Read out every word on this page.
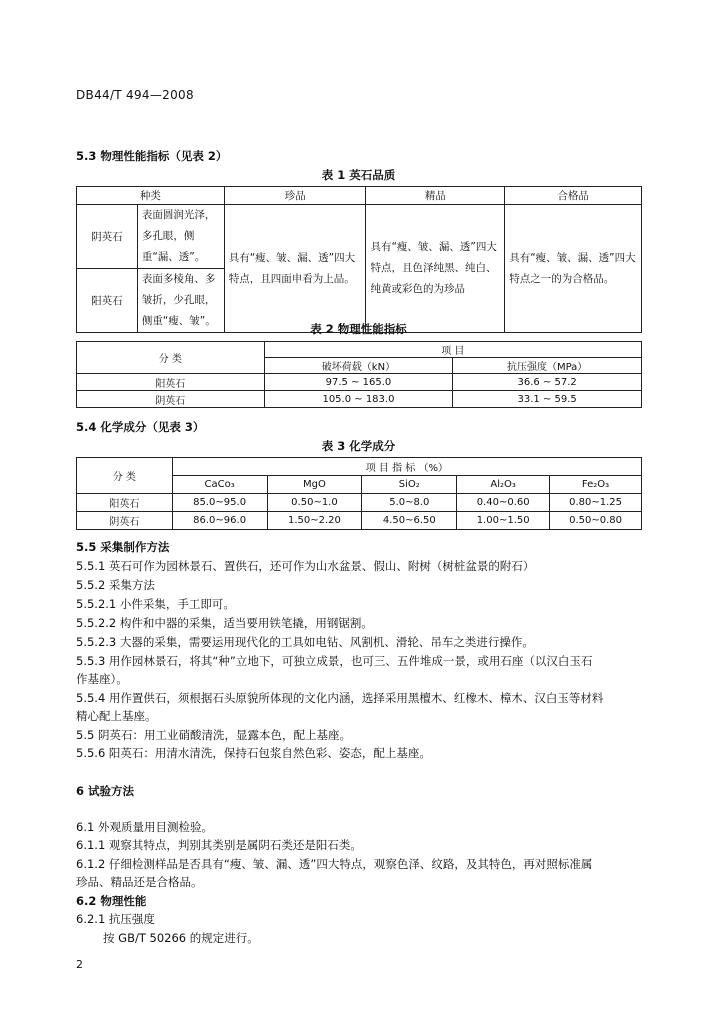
DB44/T 494—2008
5.3 物理性能指标（见表 2）
表 1 英石品质
种类		珍品	精品	合格品
阴英石	表面圆润光泽，多孔眼，侧重“漏、透”。	具有“瘦、皱、漏、透”四大特点，且四面申看为上品。	具有“瘦、皱、漏、透”四大特点，且色泽纯黑、纯白、纯黄或彩色的为珍品	具有“瘦、皱、漏、透”四大特点之一的为合格品。
阳英石	表面多棱角、多皱折，少孔眼，侧重“瘦、皱”。			
表 2 物理性能指标
分 类	项 目	
	破坏荷载（kN）	抗压强度（MPa）
阳英石	97.5 ~ 165.0	36.6 ~ 57.2
阴英石	105.0 ~ 183.0	33.1 ~ 59.5
5.4 化学成分（见表 3）
表 3 化学成分
分 类	项 目 指 标 （%）				
	CaCo₃	MgO	SiO₂	Al₂O₃	Fe₂O₃
阳英石	85.0~95.0	0.50~1.0	5.0~8.0	0.40~0.60	0.80~1.25
阴英石	86.0~96.0	1.50~2.20	4.50~6.50	1.00~1.50	0.50~0.80
5.5 采集制作方法
5.5.1 英石可作为园林景石、置供石，还可作为山水盆景、假山、附树（树桩盆景的附石）
5.5.2 采集方法
5.5.2.1 小件采集，手工即可。
5.5.2.2 构件和中器的采集，适当要用铁笔撬，用钢锯割。
5.5.2.3 大器的采集，需要运用现代化的工具如电钻、风割机、滑轮、吊车之类进行操作。
5.5.3 用作园林景石，将其“种”立地下，可独立成景，也可三、五件堆成一景，或用石座（以汉白玉石
作基座）。
5.5.4 用作置供石，须根据石头原貌所体现的文化内涵，选择采用黑檀木、红橡木、樟木、汉白玉等材料
精心配上基座。
5.5 阴英石：用工业硝酸清洗，显露本色，配上基座。
5.5.6 阳英石：用清水清洗，保持石包浆自然色彩、姿态，配上基座。
6 试验方法
6.1 外观质量用目测检验。
6.1.1 观察其特点，判别其类别是属阴石类还是阳石类。
6.1.2 仔细检测样品是否具有“瘦、皱、漏、透”四大特点，观察色泽、纹路，及其特色，再对照标准属
珍品、精品还是合格品。
6.2 物理性能
6.2.1 抗压强度
按 GB/T 50266 的规定进行。
2
